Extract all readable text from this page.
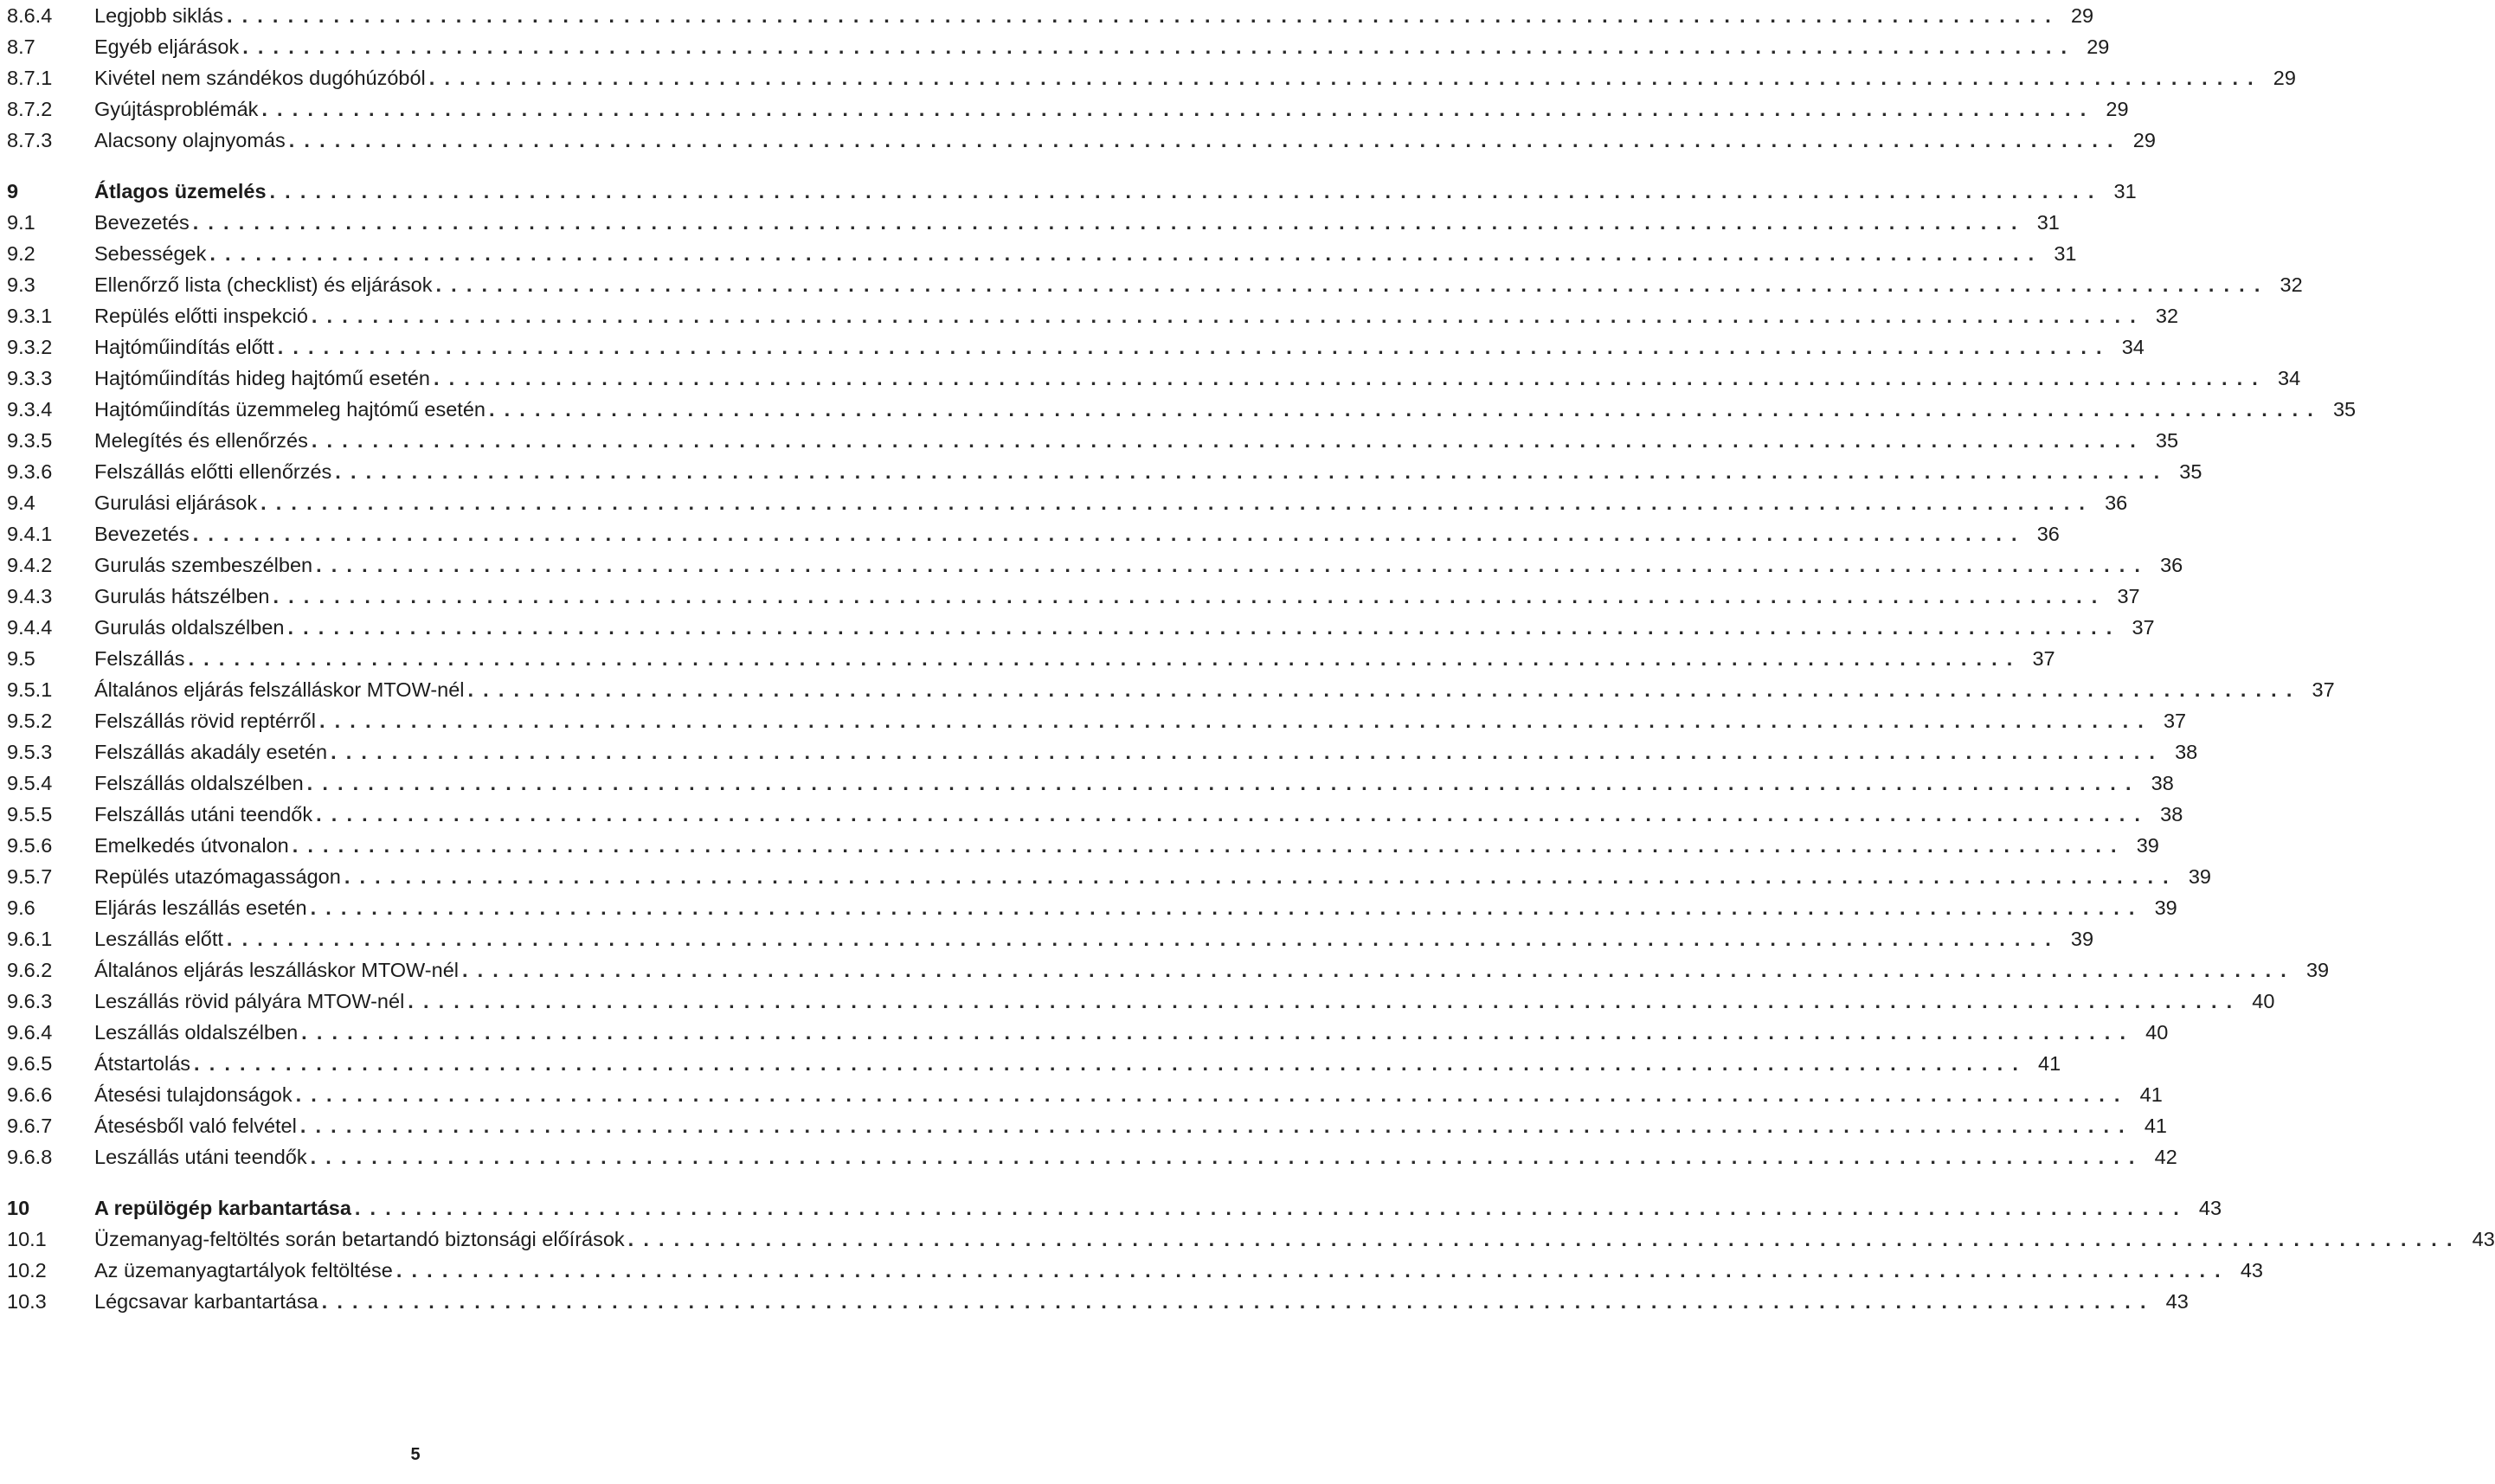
8.6.4	Legjobb siklás . . . . . . . . . . . . . . . . . . . . . . . . . . . . . . . . . . . . . . . . . . . . . . . . . . . . . . . . . . . . . . . . . . . . . . . . . . . . . . . . . . . . . . . . . . . . . . . . . . . . . . . . . . . . . . . . . . . . . . . . 29
8.7	Egyéb eljárások . . . . . . . . . . . . . . . . . . . . . . . . . . . . . . . . . . . . . . . . . . . . . . . . . . . . . . . . . . . . . . . . . . . . . . . . . . . . . . . . . . . . . . . . . . . . . . . . . . . . . . . . . . . . . . . . . . . . . . . . 29
8.7.1	Kivétel nem szándékos dugóhúzóból . . . . . . . . . . . . . . . . . . . . . . . . . . . . . . . . . . . . . . . . . . . . . . . . . . . . . . . . . . . . . . . . . . . . . . . . . . . . . . . . . . . . . . . . . . . . . . . . . . . . . . . . . . . . . . . . . . . . . . . . 29
8.7.2	Gyújtásproblémák . . . . . . . . . . . . . . . . . . . . . . . . . . . . . . . . . . . . . . . . . . . . . . . . . . . . . . . . . . . . . . . . . . . . . . . . . . . . . . . . . . . . . . . . . . . . . . . . . . . . . . . . . . . . . . . . . . . . . . . . 29
8.7.3	Alacsony olajnyomás . . . . . . . . . . . . . . . . . . . . . . . . . . . . . . . . . . . . . . . . . . . . . . . . . . . . . . . . . . . . . . . . . . . . . . . . . . . . . . . . . . . . . . . . . . . . . . . . . . . . . . . . . . . . . . . . . . . . . . . . 29
9	Átlagos üzemelés . . . . . . . . . . . . . . . . . . . . . . . . . . . . . . . . . . . . . . . . . . . . . . . . . . . . . . . . . . . . . . . . . . . . . . . . . . . . . . . . . . . . . . . . . . . . . . . . . . . . . . . . . . . . . . . . . . . . . . . . 31
9.1	Bevezetés . . . . . . . . . . . . . . . . . . . . . . . . . . . . . . . . . . . . . . . . . . . . . . . . . . . . . . . . . . . . . . . . . . . . . . . . . . . . . . . . . . . . . . . . . . . . . . . . . . . . . . . . . . . . . . . . . . . . . . . . 31
9.2	Sebességek . . . . . . . . . . . . . . . . . . . . . . . . . . . . . . . . . . . . . . . . . . . . . . . . . . . . . . . . . . . . . . . . . . . . . . . . . . . . . . . . . . . . . . . . . . . . . . . . . . . . . . . . . . . . . . . . . . . . . . . . 31
9.3	Ellenőrző lista (checklist) és eljárások . . . . . . . . . . . . . . . . . . . . . . . . . . . . . . . . . . . . . . . . . . . . . . . . . . . . . . . . . . . . . . . . . . . . . . . . . . . . . . . . . . . . . . . . . . . . . . . . . . . . . . . . . . . . . . . . . . . . . . . . 32
9.3.1	Repülés előtti inspekció . . . . . . . . . . . . . . . . . . . . . . . . . . . . . . . . . . . . . . . . . . . . . . . . . . . . . . . . . . . . . . . . . . . . . . . . . . . . . . . . . . . . . . . . . . . . . . . . . . . . . . . . . . . . . . . . . . . . . . . . 32
9.3.2	Hajtóműindítás előtt . . . . . . . . . . . . . . . . . . . . . . . . . . . . . . . . . . . . . . . . . . . . . . . . . . . . . . . . . . . . . . . . . . . . . . . . . . . . . . . . . . . . . . . . . . . . . . . . . . . . . . . . . . . . . . . . . . . . . . . . 34
9.3.3	Hajtóműindítás hideg hajtómű esetén . . . . . . . . . . . . . . . . . . . . . . . . . . . . . . . . . . . . . . . . . . . . . . . . . . . . . . . . . . . . . . . . . . . . . . . . . . . . . . . . . . . . . . . . . . . . . . . . . . . . . . . . . . . . . . . . . . . . . . . . 34
9.3.4	Hajtóműindítás üzemmeleg hajtómű esetén . . . . . . . . . . . . . . . . . . . . . . . . . . . . . . . . . . . . . . . . . . . . . . . . . . . . . . . . . . . . . . . . . . . . . . . . . . . . . . . . . . . . . . . . . . . . . . . . . . . . . . . . . . . . . . . . . . . . . . . . 35
9.3.5	Melegítés és ellenőrzés . . . . . . . . . . . . . . . . . . . . . . . . . . . . . . . . . . . . . . . . . . . . . . . . . . . . . . . . . . . . . . . . . . . . . . . . . . . . . . . . . . . . . . . . . . . . . . . . . . . . . . . . . . . . . . . . . . . . . . . . 35
9.3.6	Felszállás előtti ellenőrzés . . . . . . . . . . . . . . . . . . . . . . . . . . . . . . . . . . . . . . . . . . . . . . . . . . . . . . . . . . . . . . . . . . . . . . . . . . . . . . . . . . . . . . . . . . . . . . . . . . . . . . . . . . . . . . . . . . . . . . . . 35
9.4	Gurulási eljárások . . . . . . . . . . . . . . . . . . . . . . . . . . . . . . . . . . . . . . . . . . . . . . . . . . . . . . . . . . . . . . . . . . . . . . . . . . . . . . . . . . . . . . . . . . . . . . . . . . . . . . . . . . . . . . . . . . . . . . . . 36
9.4.1	Bevezetés . . . . . . . . . . . . . . . . . . . . . . . . . . . . . . . . . . . . . . . . . . . . . . . . . . . . . . . . . . . . . . . . . . . . . . . . . . . . . . . . . . . . . . . . . . . . . . . . . . . . . . . . . . . . . . . . . . . . . . . . 36
9.4.2	Gurulás szembeszélben . . . . . . . . . . . . . . . . . . . . . . . . . . . . . . . . . . . . . . . . . . . . . . . . . . . . . . . . . . . . . . . . . . . . . . . . . . . . . . . . . . . . . . . . . . . . . . . . . . . . . . . . . . . . . . . . . . . . . . . . 36
9.4.3	Gurulás hátszélben . . . . . . . . . . . . . . . . . . . . . . . . . . . . . . . . . . . . . . . . . . . . . . . . . . . . . . . . . . . . . . . . . . . . . . . . . . . . . . . . . . . . . . . . . . . . . . . . . . . . . . . . . . . . . . . . . . . . . . . . 37
9.4.4	Gurulás oldalszélben . . . . . . . . . . . . . . . . . . . . . . . . . . . . . . . . . . . . . . . . . . . . . . . . . . . . . . . . . . . . . . . . . . . . . . . . . . . . . . . . . . . . . . . . . . . . . . . . . . . . . . . . . . . . . . . . . . . . . . . . 37
9.5	Felszállás . . . . . . . . . . . . . . . . . . . . . . . . . . . . . . . . . . . . . . . . . . . . . . . . . . . . . . . . . . . . . . . . . . . . . . . . . . . . . . . . . . . . . . . . . . . . . . . . . . . . . . . . . . . . . . . . . . . . . . . . 37
9.5.1	Általános eljárás felszálláskor MTOW-nél . . . . . . . . . . . . . . . . . . . . . . . . . . . . . . . . . . . . . . . . . . . . . . . . . . . . . . . . . . . . . . . . . . . . . . . . . . . . . . . . . . . . . . . . . . . . . . . . . . . . . . . . . . . . . . . . . . . . . . . . 37
9.5.2	Felszállás rövid reptérről . . . . . . . . . . . . . . . . . . . . . . . . . . . . . . . . . . . . . . . . . . . . . . . . . . . . . . . . . . . . . . . . . . . . . . . . . . . . . . . . . . . . . . . . . . . . . . . . . . . . . . . . . . . . . . . . . . . . . . . . 37
9.5.3	Felszállás akadály esetén . . . . . . . . . . . . . . . . . . . . . . . . . . . . . . . . . . . . . . . . . . . . . . . . . . . . . . . . . . . . . . . . . . . . . . . . . . . . . . . . . . . . . . . . . . . . . . . . . . . . . . . . . . . . . . . . . . . . . . . . 38
9.5.4	Felszállás oldalszélben . . . . . . . . . . . . . . . . . . . . . . . . . . . . . . . . . . . . . . . . . . . . . . . . . . . . . . . . . . . . . . . . . . . . . . . . . . . . . . . . . . . . . . . . . . . . . . . . . . . . . . . . . . . . . . . . . . . . . . . . 38
9.5.5	Felszállás utáni teendők . . . . . . . . . . . . . . . . . . . . . . . . . . . . . . . . . . . . . . . . . . . . . . . . . . . . . . . . . . . . . . . . . . . . . . . . . . . . . . . . . . . . . . . . . . . . . . . . . . . . . . . . . . . . . . . . . . . . . . . . 38
9.5.6	Emelkedés útvonalon . . . . . . . . . . . . . . . . . . . . . . . . . . . . . . . . . . . . . . . . . . . . . . . . . . . . . . . . . . . . . . . . . . . . . . . . . . . . . . . . . . . . . . . . . . . . . . . . . . . . . . . . . . . . . . . . . . . . . . . . 39
9.5.7	Repülés utazómagasságon . . . . . . . . . . . . . . . . . . . . . . . . . . . . . . . . . . . . . . . . . . . . . . . . . . . . . . . . . . . . . . . . . . . . . . . . . . . . . . . . . . . . . . . . . . . . . . . . . . . . . . . . . . . . . . . . . . . . . . . . 39
9.6	Eljárás leszállás esetén . . . . . . . . . . . . . . . . . . . . . . . . . . . . . . . . . . . . . . . . . . . . . . . . . . . . . . . . . . . . . . . . . . . . . . . . . . . . . . . . . . . . . . . . . . . . . . . . . . . . . . . . . . . . . . . . . . . . . . . . 39
9.6.1	Leszállás előtt . . . . . . . . . . . . . . . . . . . . . . . . . . . . . . . . . . . . . . . . . . . . . . . . . . . . . . . . . . . . . . . . . . . . . . . . . . . . . . . . . . . . . . . . . . . . . . . . . . . . . . . . . . . . . . . . . . . . . . . . 39
9.6.2	Általános eljárás leszálláskor MTOW-nél . . . . . . . . . . . . . . . . . . . . . . . . . . . . . . . . . . . . . . . . . . . . . . . . . . . . . . . . . . . . . . . . . . . . . . . . . . . . . . . . . . . . . . . . . . . . . . . . . . . . . . . . . . . . . . . . . . . . . . . . 39
9.6.3	Leszállás rövid pályára MTOW-nél . . . . . . . . . . . . . . . . . . . . . . . . . . . . . . . . . . . . . . . . . . . . . . . . . . . . . . . . . . . . . . . . . . . . . . . . . . . . . . . . . . . . . . . . . . . . . . . . . . . . . . . . . . . . . . . . . . . . . . . . 40
9.6.4	Leszállás oldalszélben . . . . . . . . . . . . . . . . . . . . . . . . . . . . . . . . . . . . . . . . . . . . . . . . . . . . . . . . . . . . . . . . . . . . . . . . . . . . . . . . . . . . . . . . . . . . . . . . . . . . . . . . . . . . . . . . . . . . . . . . 40
9.6.5	Átstartolás . . . . . . . . . . . . . . . . . . . . . . . . . . . . . . . . . . . . . . . . . . . . . . . . . . . . . . . . . . . . . . . . . . . . . . . . . . . . . . . . . . . . . . . . . . . . . . . . . . . . . . . . . . . . . . . . . . . . . . . . 41
9.6.6	Átesési tulajdonságok . . . . . . . . . . . . . . . . . . . . . . . . . . . . . . . . . . . . . . . . . . . . . . . . . . . . . . . . . . . . . . . . . . . . . . . . . . . . . . . . . . . . . . . . . . . . . . . . . . . . . . . . . . . . . . . . . . . . . . . . 41
9.6.7	Átesésből való felvétel . . . . . . . . . . . . . . . . . . . . . . . . . . . . . . . . . . . . . . . . . . . . . . . . . . . . . . . . . . . . . . . . . . . . . . . . . . . . . . . . . . . . . . . . . . . . . . . . . . . . . . . . . . . . . . . . . . . . . . . . 41
9.6.8	Leszállás utáni teendők . . . . . . . . . . . . . . . . . . . . . . . . . . . . . . . . . . . . . . . . . . . . . . . . . . . . . . . . . . . . . . . . . . . . . . . . . . . . . . . . . . . . . . . . . . . . . . . . . . . . . . . . . . . . . . . . . . . . . . . . 42
10	A repülögép karbantartása . . . . . . . . . . . . . . . . . . . . . . . . . . . . . . . . . . . . . . . . . . . . . . . . . . . . . . . . . . . . . . . . . . . . . . . . . . . . . . . . . . . . . . . . . . . . . . . . . . . . . . . . . . . . . . . . . . . . . . . . 43
10.1	Üzemanyag-feltöltés során betartandó biztonsági előírások . . . . . . . . . . . . . . . . . . . . . . . . . . . . . . . . . . . . . . . . . . . . . . . . . . . . . . . . . . . . . . . . . . . . . . . . . . . . . . . . . . . . . . . . . . . . . . . . . . . . . . . . . . . . . . . . . . . . . . . . 43
10.2	Az üzemanyagtartályok feltöltése . . . . . . . . . . . . . . . . . . . . . . . . . . . . . . . . . . . . . . . . . . . . . . . . . . . . . . . . . . . . . . . . . . . . . . . . . . . . . . . . . . . . . . . . . . . . . . . . . . . . . . . . . . . . . . . . . . . . . . . . 43
10.3	Légcsavar karbantartása . . . . . . . . . . . . . . . . . . . . . . . . . . . . . . . . . . . . . . . . . . . . . . . . . . . . . . . . . . . . . . . . . . . . . . . . . . . . . . . . . . . . . . . . . . . . . . . . . . . . . . . . . . . . . . . . . . . . . . . . 43
5
